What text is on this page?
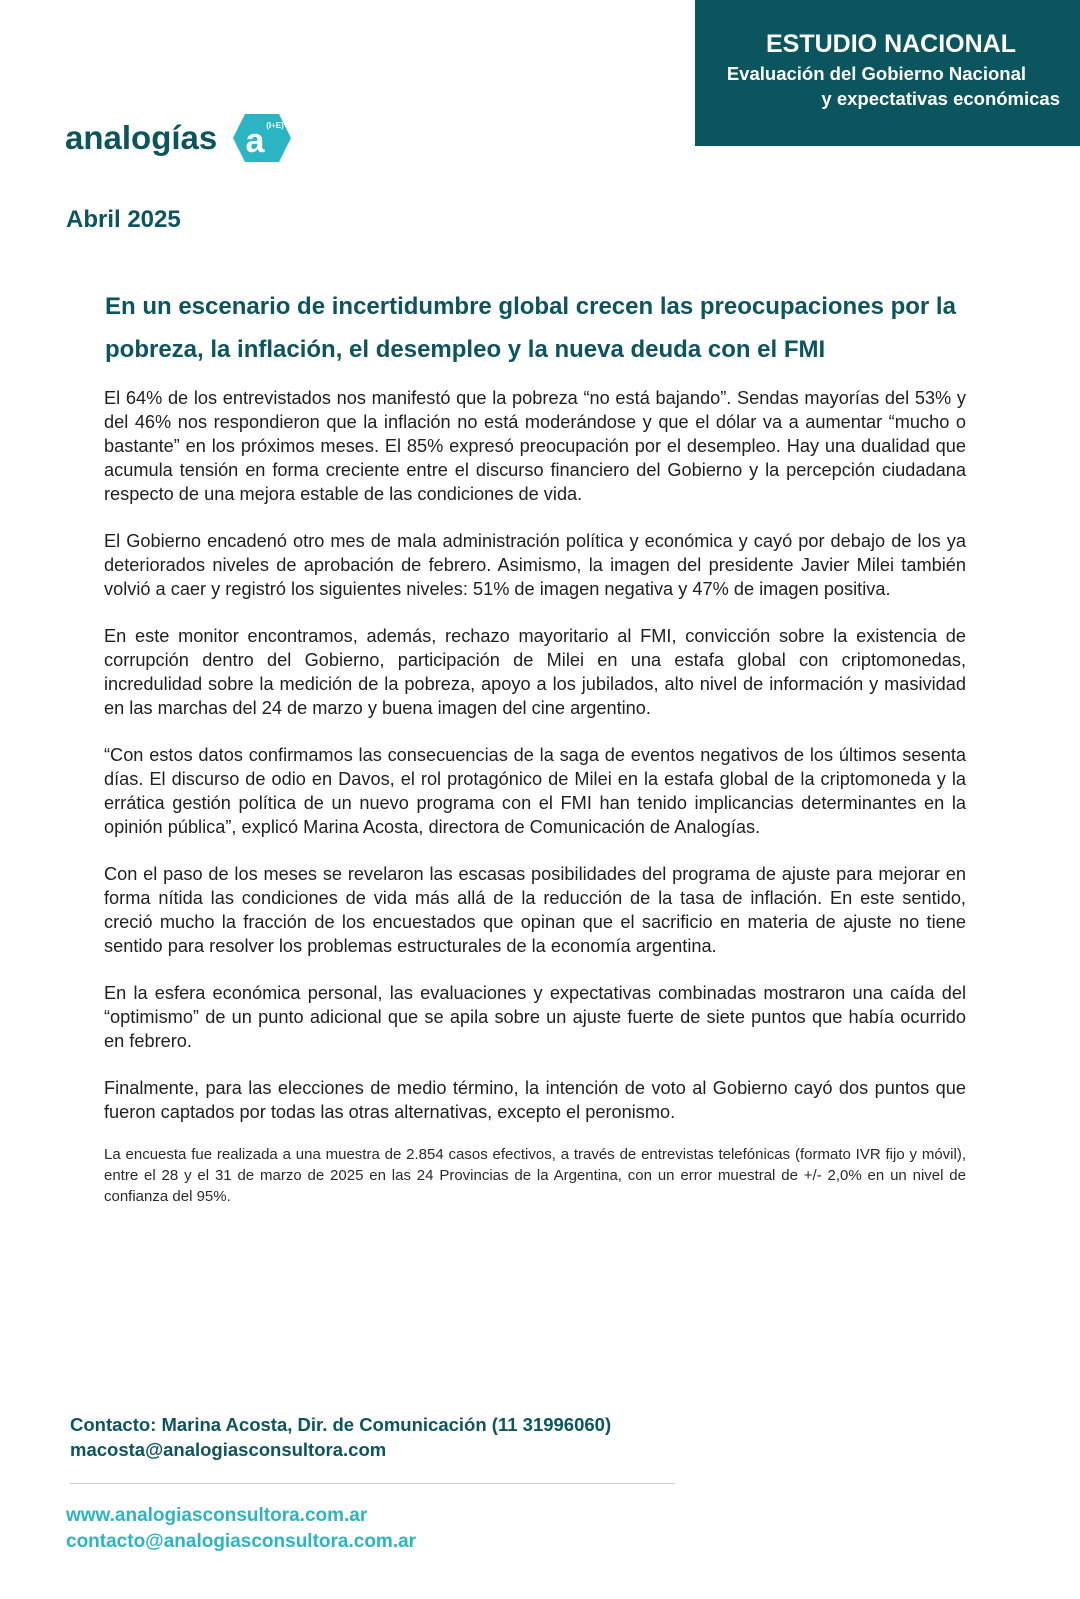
ESTUDIO NACIONAL
Evaluación del Gobierno Nacional
y expectativas económicas
analogías a (I+E)
Abril 2025
En un escenario de incertidumbre global crecen las preocupaciones por la pobreza, la inflación, el desempleo y la nueva deuda con el FMI

El 64% de los entrevistados nos manifestó que la pobreza “no está bajando”. Sendas mayorías del 53% y del 46% nos respondieron que la inflación no está moderándose y que el dólar va a aumentar “mucho o bastante” en los próximos meses. El 85% expresó preocupación por el desempleo. Hay una dualidad que acumula tensión en forma creciente entre el discurso financiero del Gobierno y la percepción ciudadana respecto de una mejora estable de las condiciones de vida.

El Gobierno encadenó otro mes de mala administración política y económica y cayó por debajo de los ya deteriorados niveles de aprobación de febrero. Asimismo, la imagen del presidente Javier Milei también volvió a caer y registró los siguientes niveles: 51% de imagen negativa y 47% de imagen positiva.

En este monitor encontramos, además, rechazo mayoritario al FMI, convicción sobre la existencia de corrupción dentro del Gobierno, participación de Milei en una estafa global con criptomonedas, incredulidad sobre la medición de la pobreza, apoyo a los jubilados, alto nivel de información y masividad en las marchas del 24 de marzo y buena imagen del cine argentino.

“Con estos datos confirmamos las consecuencias de la saga de eventos negativos de los últimos sesenta días. El discurso de odio en Davos, el rol protagónico de Milei en la estafa global de la criptomoneda y la errática gestión política de un nuevo programa con el FMI han tenido implicancias determinantes en la opinión pública”, explicó Marina Acosta, directora de Comunicación de Analogías.

Con el paso de los meses se revelaron las escasas posibilidades del programa de ajuste para mejorar en forma nítida las condiciones de vida más allá de la reducción de la tasa de inflación. En este sentido, creció mucho la fracción de los encuestados que opinan que el sacrificio en materia de ajuste no tiene sentido para resolver los problemas estructurales de la economía argentina.

En la esfera económica personal, las evaluaciones y expectativas combinadas mostraron una caída del “optimismo” de un punto adicional que se apila sobre un ajuste fuerte de siete puntos que había ocurrido en febrero.

Finalmente, para las elecciones de medio término, la intención de voto al Gobierno cayó dos puntos que fueron captados por todas las otras alternativas, excepto el peronismo.

La encuesta fue realizada a una muestra de 2.854 casos efectivos, a través de entrevistas telefónicas (formato IVR fijo y móvil), entre el 28 y el 31 de marzo de 2025 en las 24 Provincias de la Argentina, con un error muestral de +/- 2,0% en un nivel de confianza del 95%.
Contacto: Marina Acosta, Dir. de Comunicación (11 31996060)
macosta@analogiasconsultora.com
www.analogiasconsultora.com.ar
contacto@analogiasconsultora.com.ar
